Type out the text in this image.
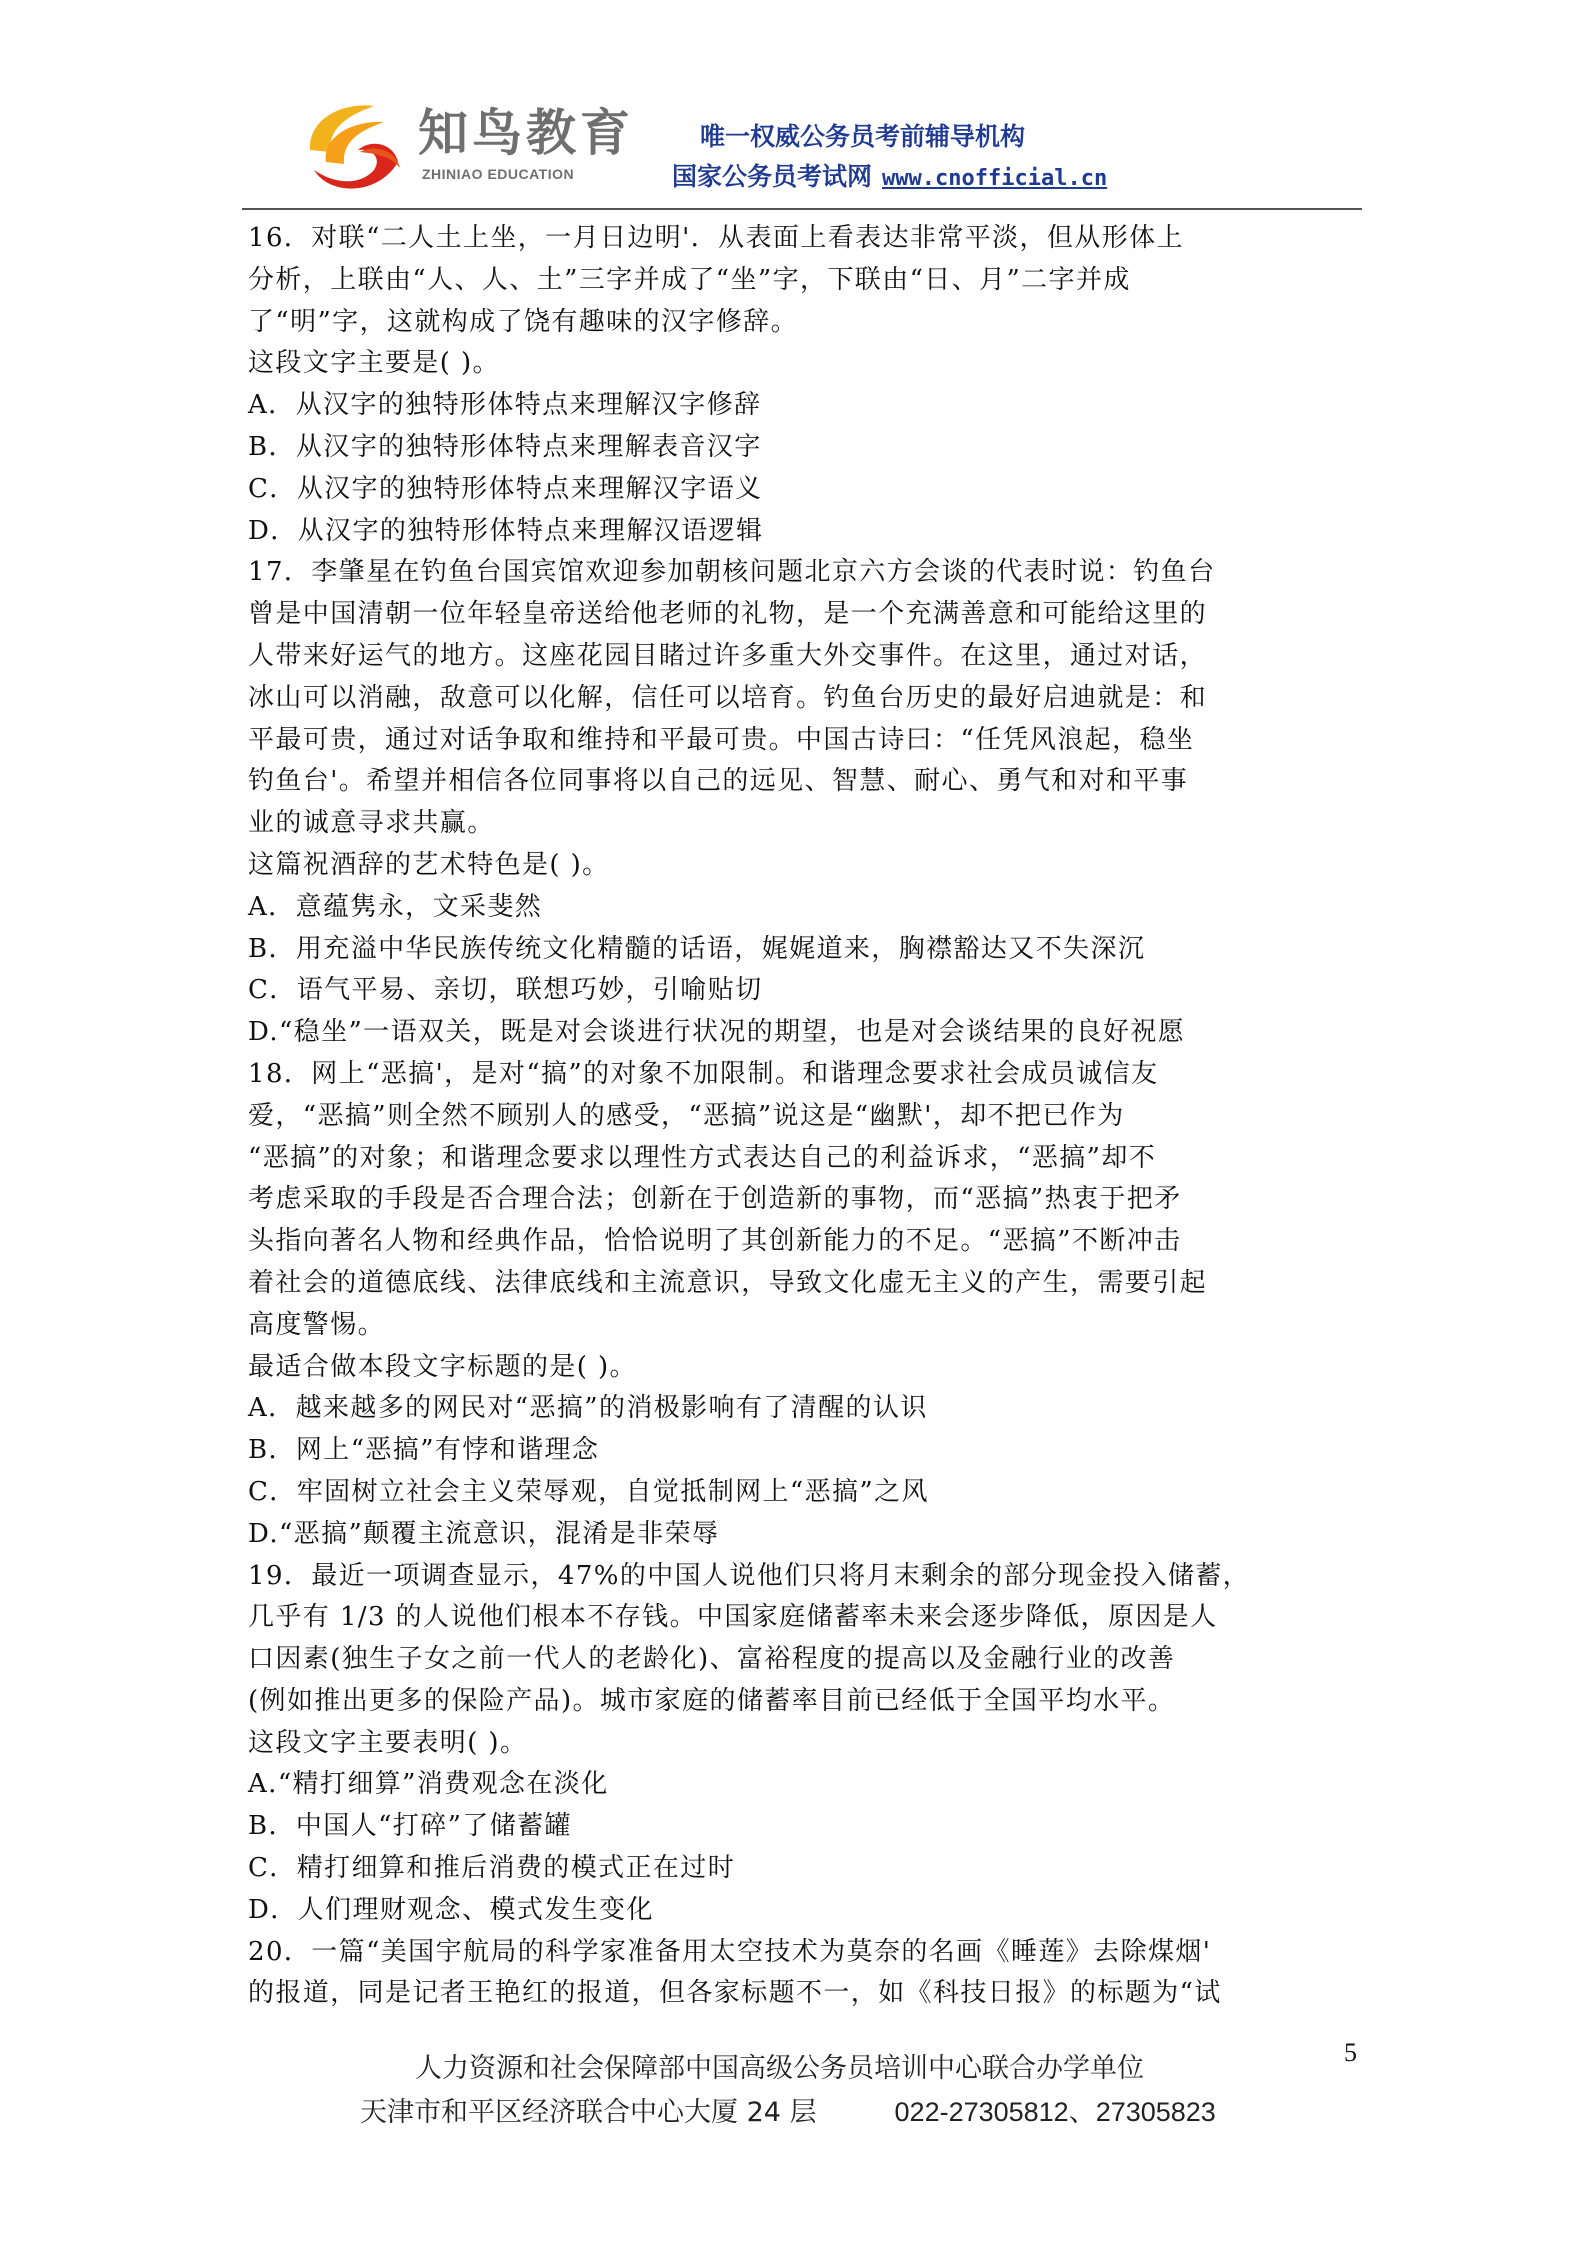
知鸟教育
ZHINIAO EDUCATION
唯一权威公务员考前辅导机构
国家公务员考试网 www.cnofficial.cn

16．对联“二人土上坐，一月日边明'．从表面上看表达非常平淡，但从形体上

分析，上联由“人、人、土”三字并成了“坐”字，下联由“日、月”二字并成

了“明”字，这就构成了饶有趣味的汉字修辞。

这段文字主要是( )。

A．从汉字的独特形体特点来理解汉字修辞

B．从汉字的独特形体特点来理解表音汉字

C．从汉字的独特形体特点来理解汉字语义

D．从汉字的独特形体特点来理解汉语逻辑

17．李肇星在钓鱼台国宾馆欢迎参加朝核问题北京六方会谈的代表时说：钓鱼台

曾是中国清朝一位年轻皇帝送给他老师的礼物，是一个充满善意和可能给这里的

人带来好运气的地方。这座花园目睹过许多重大外交事件。在这里，通过对话，

冰山可以消融，敌意可以化解，信任可以培育。钓鱼台历史的最好启迪就是：和

平最可贵，通过对话争取和维持和平最可贵。中国古诗曰：“任凭风浪起，稳坐

钓鱼台'。希望并相信各位同事将以自己的远见、智慧、耐心、勇气和对和平事

业的诚意寻求共赢。

这篇祝酒辞的艺术特色是( )。

A．意蕴隽永，文采斐然

B．用充溢中华民族传统文化精髓的话语，娓娓道来，胸襟豁达又不失深沉

C．语气平易、亲切，联想巧妙，引喻贴切

D.“稳坐”一语双关，既是对会谈进行状况的期望，也是对会谈结果的良好祝愿

18．网上“恶搞'，是对“搞”的对象不加限制。和谐理念要求社会成员诚信友

爱，“恶搞”则全然不顾别人的感受，“恶搞”说这是“幽默'，却不把已作为

“恶搞”的对象；和谐理念要求以理性方式表达自己的利益诉求，“恶搞”却不

考虑采取的手段是否合理合法；创新在于创造新的事物，而“恶搞”热衷于把矛

头指向著名人物和经典作品，恰恰说明了其创新能力的不足。“恶搞”不断冲击

着社会的道德底线、法律底线和主流意识，导致文化虚无主义的产生，需要引起

高度警惕。

最适合做本段文字标题的是( )。

A．越来越多的网民对“恶搞”的消极影响有了清醒的认识

B．网上“恶搞”有悖和谐理念

C．牢固树立社会主义荣辱观，自觉抵制网上“恶搞”之风

D.“恶搞”颠覆主流意识，混淆是非荣辱

19．最近一项调查显示，47%的中国人说他们只将月末剩余的部分现金投入储蓄，

几乎有 1/3 的人说他们根本不存钱。中国家庭储蓄率未来会逐步降低，原因是人

口因素(独生子女之前一代人的老龄化)、富裕程度的提高以及金融行业的改善

(例如推出更多的保险产品)。城市家庭的储蓄率目前已经低于全国平均水平。

这段文字主要表明( )。

A.“精打细算”消费观念在淡化

B．中国人“打碎”了储蓄罐

C．精打细算和推后消费的模式正在过时

D．人们理财观念、模式发生变化

20．一篇“美国宇航局的科学家准备用太空技术为莫奈的名画《睡莲》去除煤烟'

的报道，同是记者王艳红的报道，但各家标题不一，如《科技日报》的标题为“试

5
人力资源和社会保障部中国高级公务员培训中心联合办学单位
天津市和平区经济联合中心大厦 24 层	022-27305812、27305823
